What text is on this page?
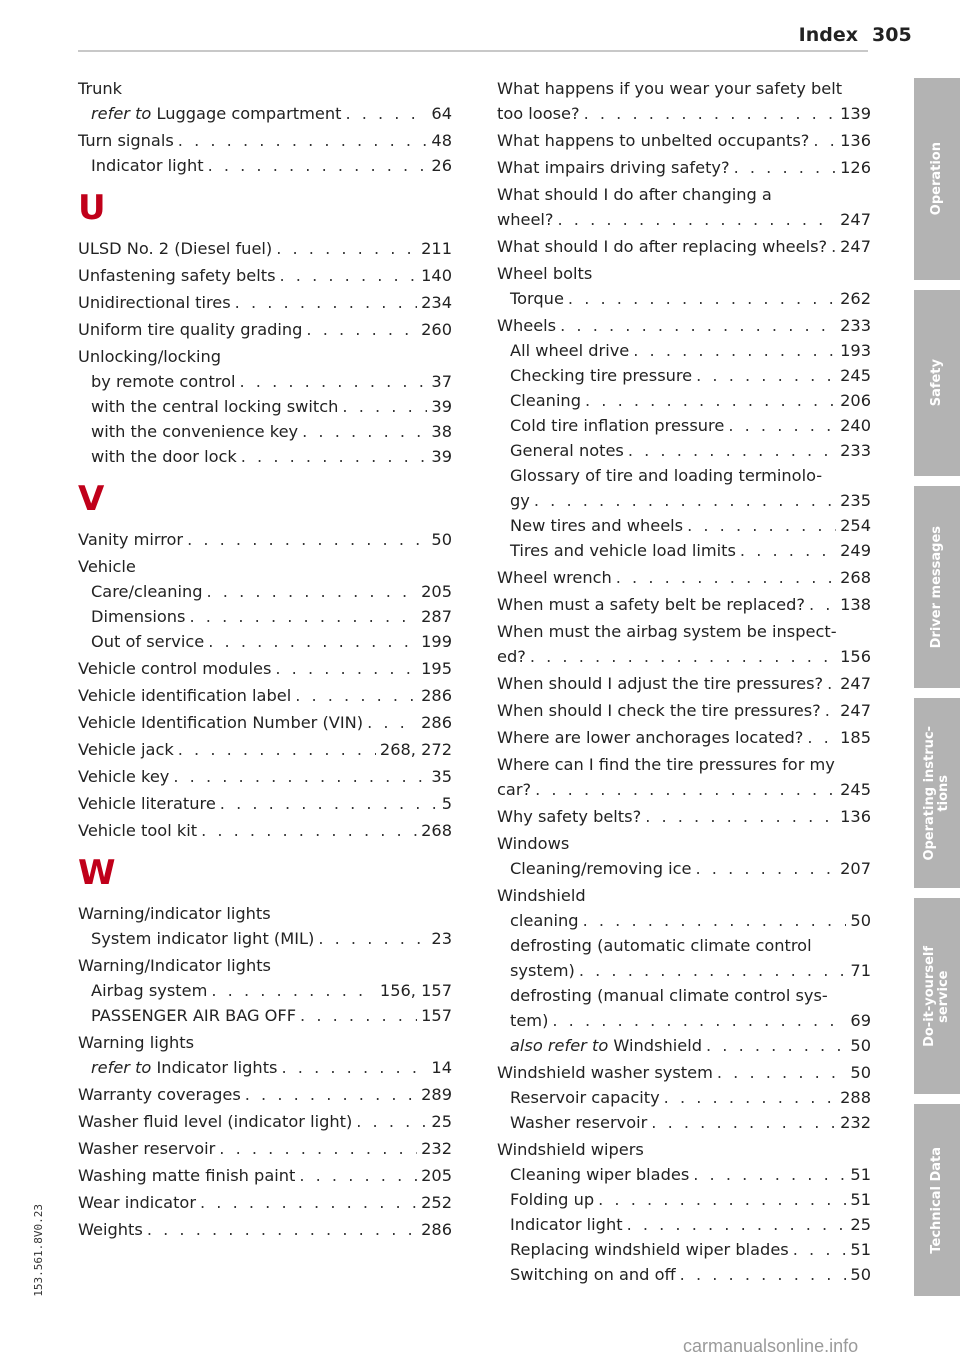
Index 305
Trunk
refer to Luggage compartment . . .	64
Turn signals . . .	48
Indicator light . . .	26
U
ULSD No. 2 (Diesel fuel) . . .	211
Unfastening safety belts . . .	140
Unidirectional tires . . .	234
Uniform tire quality grading . . .	260
Unlocking/locking
by remote control . . .	37
with the central locking switch . . .	39
with the convenience key . . .	38
with the door lock . . .	39
V
Vanity mirror . . .	50
Vehicle
Care/cleaning . . .	205
Dimensions . . .	287
Out of service . . .	199
Vehicle control modules . . .	195
Vehicle identification label . . .	286
Vehicle Identification Number (VIN) . . .	286
Vehicle jack . . .	268, 272
Vehicle key . . .	35
Vehicle literature . . .	5
Vehicle tool kit . . .	268
W
Warning/indicator lights
System indicator light (MIL) . . .	23
Warning/Indicator lights
Airbag system . . .	156, 157
PASSENGER AIR BAG OFF . . .	157
Warning lights
refer to Indicator lights . . .	14
Warranty coverages . . .	289
Washer fluid level (indicator light) . . .	25
Washer reservoir . . .	232
Washing matte finish paint . . .	205
Wear indicator . . .	252
Weights . . .	286
What happens if you wear your safety belt
too loose? . . .	139
What happens to unbelted occupants? . . . 136
What impairs driving safety? . . .	126
What should I do after changing a
wheel? . . .	247
What should I do after replacing wheels? . . . 247
Wheel bolts
Torque . . .	262
Wheels . . .	233
All wheel drive . . .	193
Checking tire pressure . . .	245
Cleaning . . .	206
Cold tire inflation pressure . . .	240
General notes . . .	233
Glossary of tire and loading terminolo-
gy . . .	235
New tires and wheels . . .	254
Tires and vehicle load limits . . .	249
Wheel wrench . . .	268
When must a safety belt be replaced? . . . 138
When must the airbag system be inspect-
ed? . . .	156
When should I adjust the tire pressures? . . . 247
When should I check the tire pressures? . . . 247
Where are lower anchorages located? . . . 185
Where can I find the tire pressures for my
car? . . .	245
Why safety belts? . . .	136
Windows
Cleaning/removing ice . . .	207
Windshield
cleaning . . .	50
defrosting (automatic climate control
system) . . .	71
defrosting (manual climate control sys-
tem) . . .	69
also refer to Windshield . . .	50
Windshield washer system . . .	50
Reservoir capacity . . .	288
Washer reservoir . . .	232
Windshield wipers
Cleaning wiper blades . . .	51
Folding up . . .	51
Indicator light . . .	25
Replacing windshield wiper blades . . .	51
Switching on and off . . .	50
Operation
Safety
Driver messages
Operating instruc-
tions
Do-it-yourself
service
Technical Data
153.561.8V0.23
carmanualsonline.info
